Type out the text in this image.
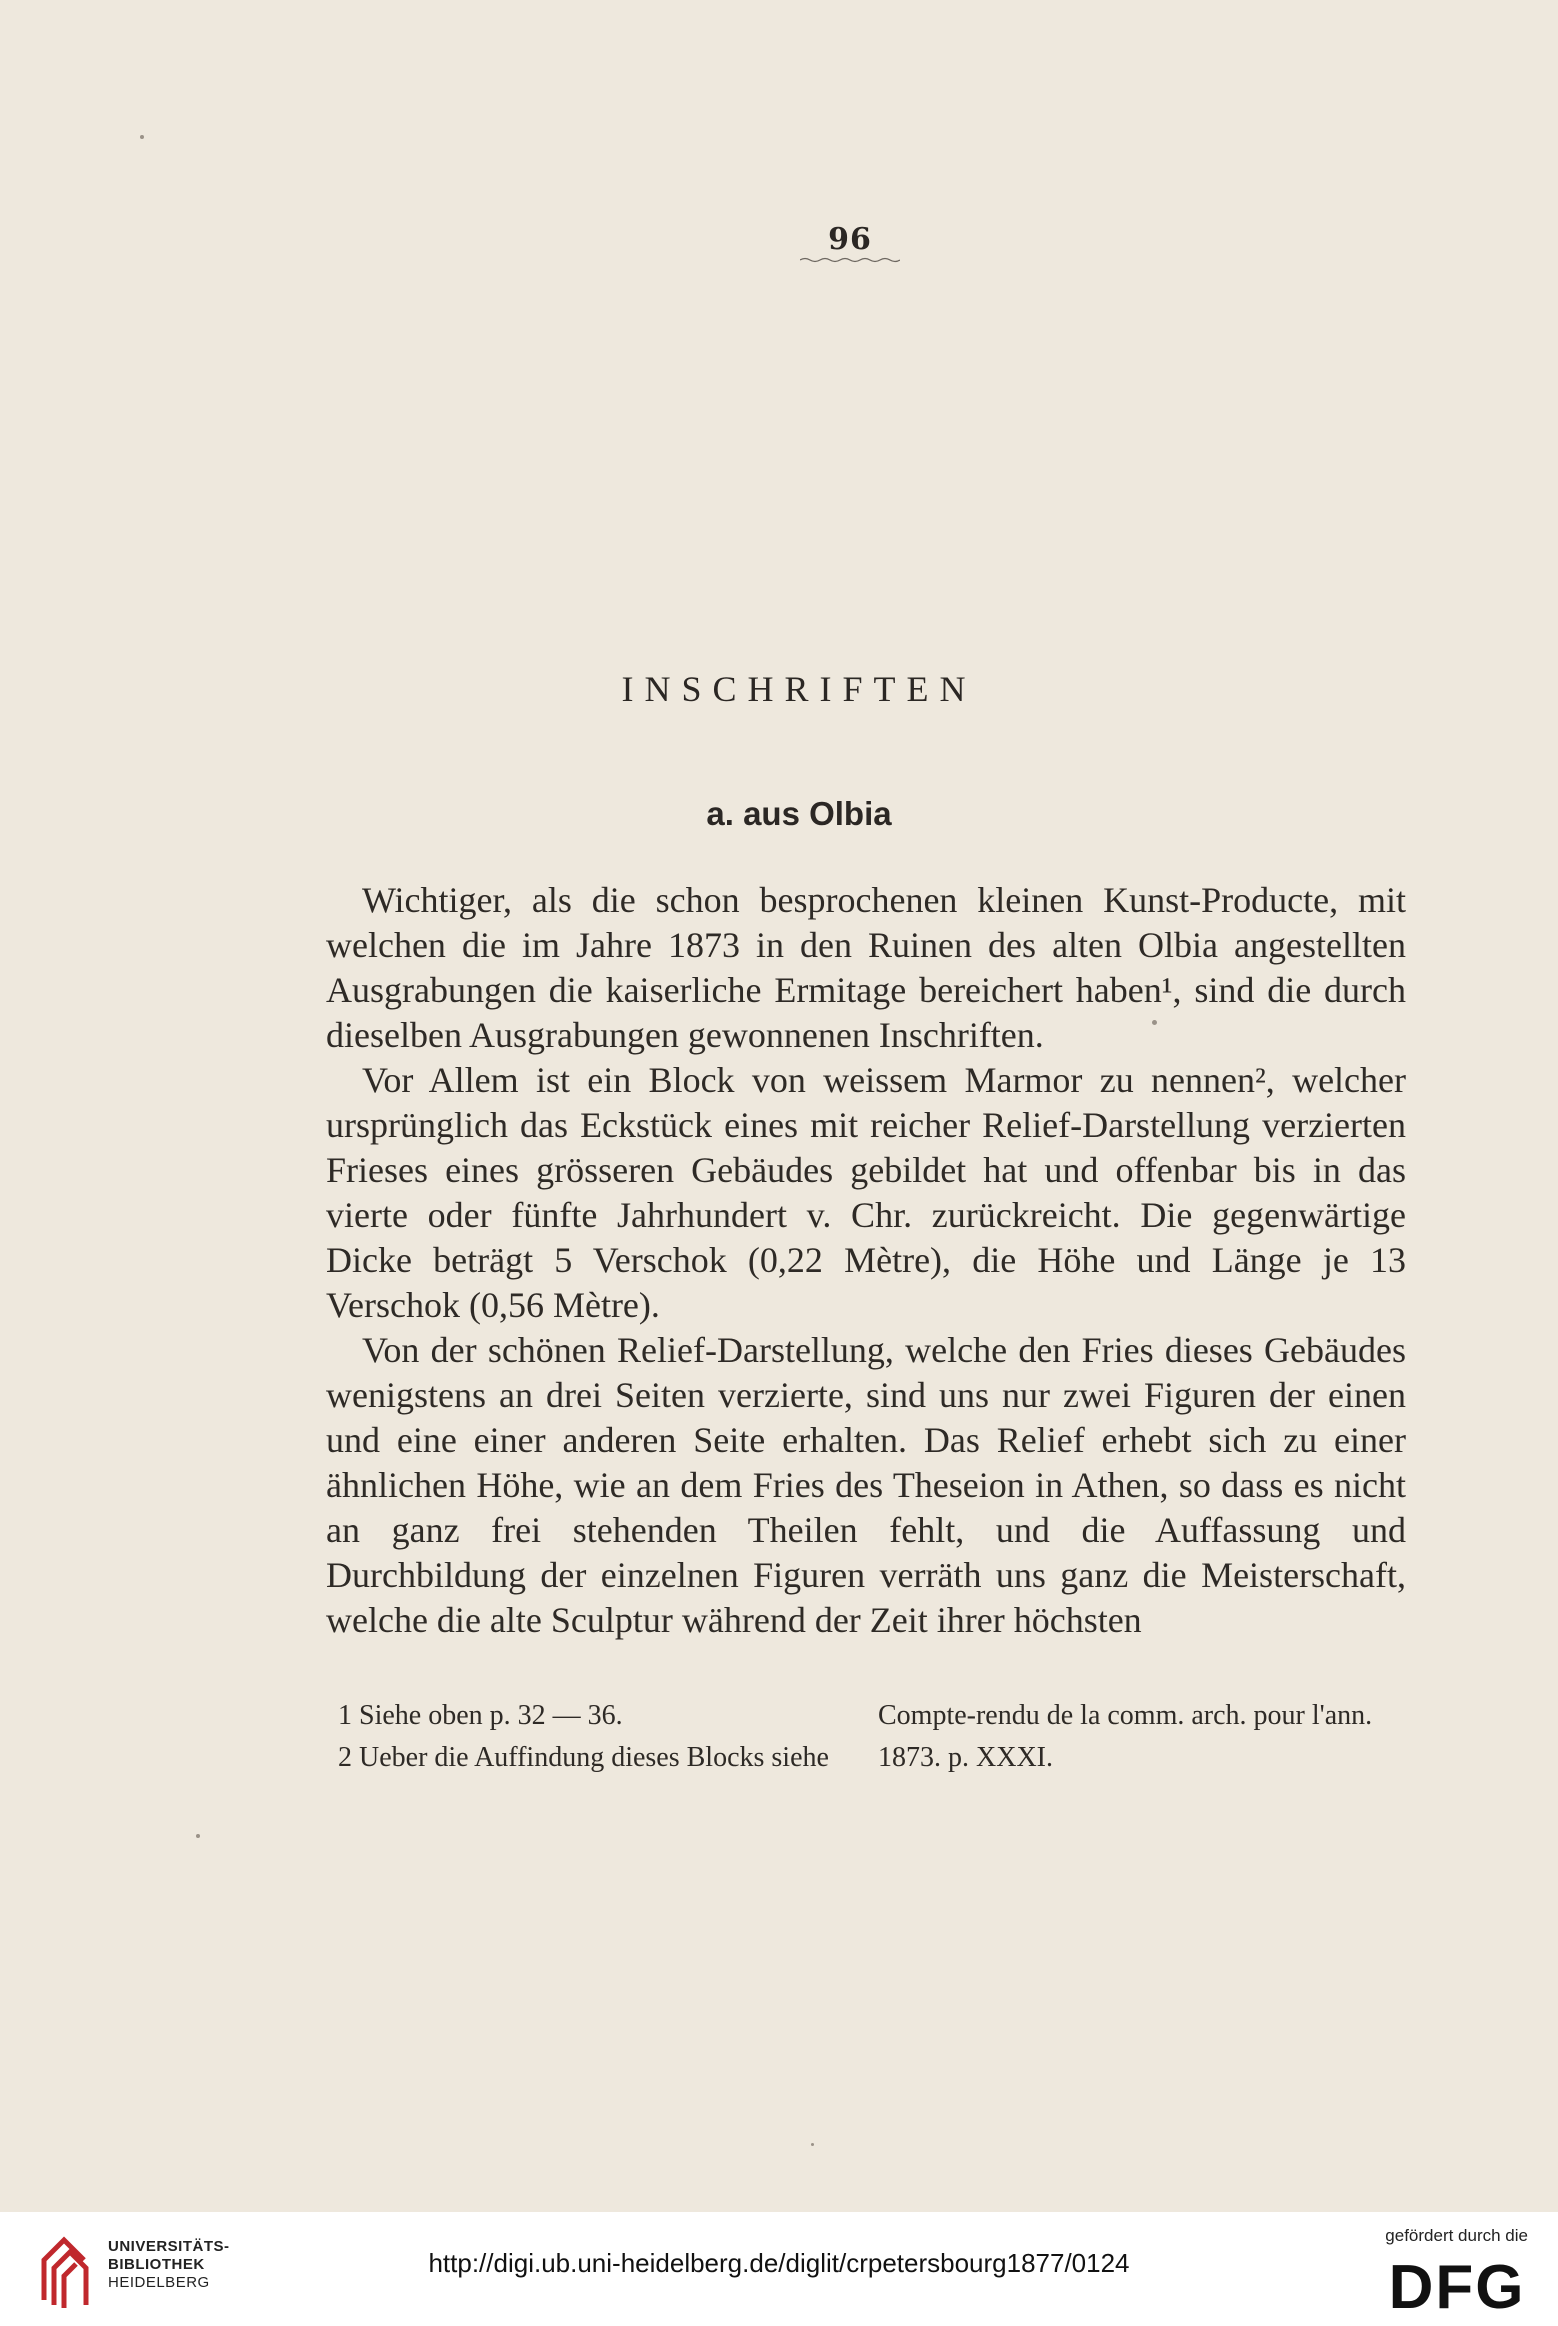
96
INSCHRIFTEN
a. aus Olbia

Wichtiger, als die schon besprochenen kleinen Kunst-Producte, mit welchen die im Jahre 1873 in den Ruinen des alten Olbia angestellten Ausgrabungen die kaiserliche Ermitage bereichert haben¹, sind die durch dieselben Ausgrabungen gewonnenen Inschriften.

Vor Allem ist ein Block von weissem Marmor zu nennen², welcher ursprünglich das Eckstück eines mit reicher Relief-Darstellung verzierten Frieses eines grösseren Gebäudes gebildet hat und offenbar bis in das vierte oder fünfte Jahrhundert v. Chr. zurückreicht. Die gegenwärtige Dicke beträgt 5 Verschok (0,22 Mètre), die Höhe und Länge je 13 Verschok (0,56 Mètre).

Von der schönen Relief-Darstellung, welche den Fries dieses Gebäudes wenigstens an drei Seiten verzierte, sind uns nur zwei Figuren der einen und eine einer anderen Seite erhalten. Das Relief erhebt sich zu einer ähnlichen Höhe, wie an dem Fries des Theseion in Athen, so dass es nicht an ganz frei stehenden Theilen fehlt, und die Auffassung und Durchbildung der einzelnen Figuren verräth uns ganz die Meisterschaft, welche die alte Sculptur während der Zeit ihrer höchsten

1 Siehe oben p. 32 — 36.	Compte-rendu de la comm. arch. pour l'ann.
2 Ueber die Auffindung dieses Blocks siehe	1873. p. XXXI.
UNIVERSITÄTS-
BIBLIOTHEK
HEIDELBERG
http://digi.ub.uni-heidelberg.de/diglit/crpetersbourg1877/0124
gefördert durch die
DFG
